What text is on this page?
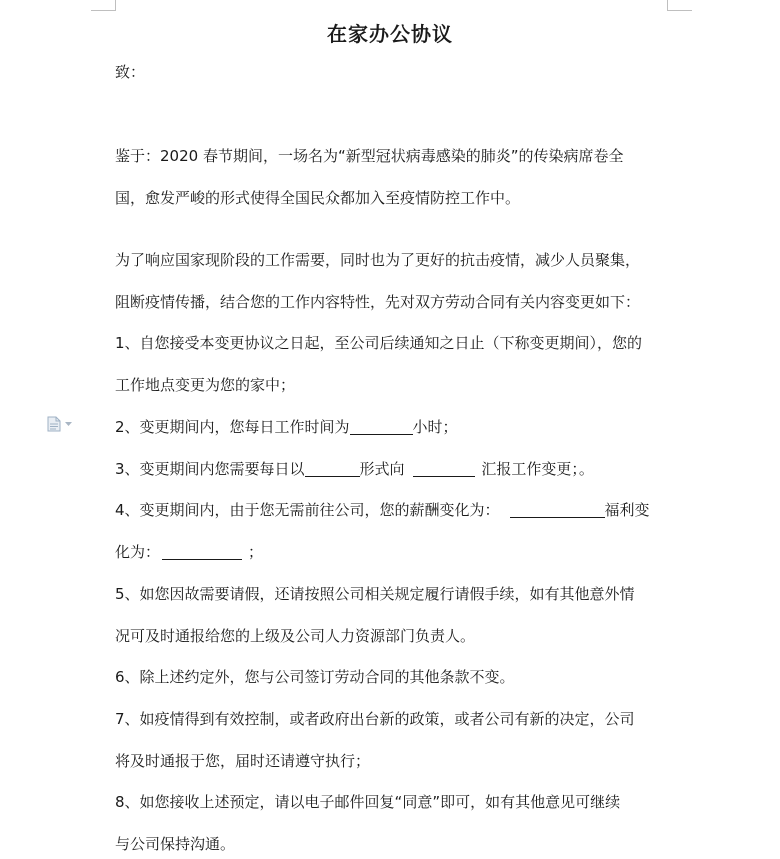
在家办公协议
致：
鉴于：2020 春节期间，一场名为“新型冠状病毒感染的肺炎”的传染病席卷全
国，愈发严峻的形式使得全国民众都加入至疫情防控工作中。
为了响应国家现阶段的工作需要，同时也为了更好的抗击疫情，减少人员聚集，
阻断疫情传播，结合您的工作内容特性，先对双方劳动合同有关内容变更如下：
1、自您接受本变更协议之日起，至公司后续通知之日止（下称变更期间），您的
工作地点变更为您的家中；
2、变更期间内，您每日工作时间为	小时；
3、变更期间内您需要每日以	形式向	汇报工作变更；。
4、变更期间内，由于您无需前往公司，您的薪酬变化为：	福利变
化为：	；
5、如您因故需要请假，还请按照公司相关规定履行请假手续，如有其他意外情
况可及时通报给您的上级及公司人力资源部门负责人。
6、除上述约定外，您与公司签订劳动合同的其他条款不变。
7、如疫情得到有效控制，或者政府出台新的政策，或者公司有新的决定，公司
将及时通报于您，届时还请遵守执行；
8、如您接收上述预定，请以电子邮件回复“同意”即可，如有其他意见可继续
与公司保持沟通。
